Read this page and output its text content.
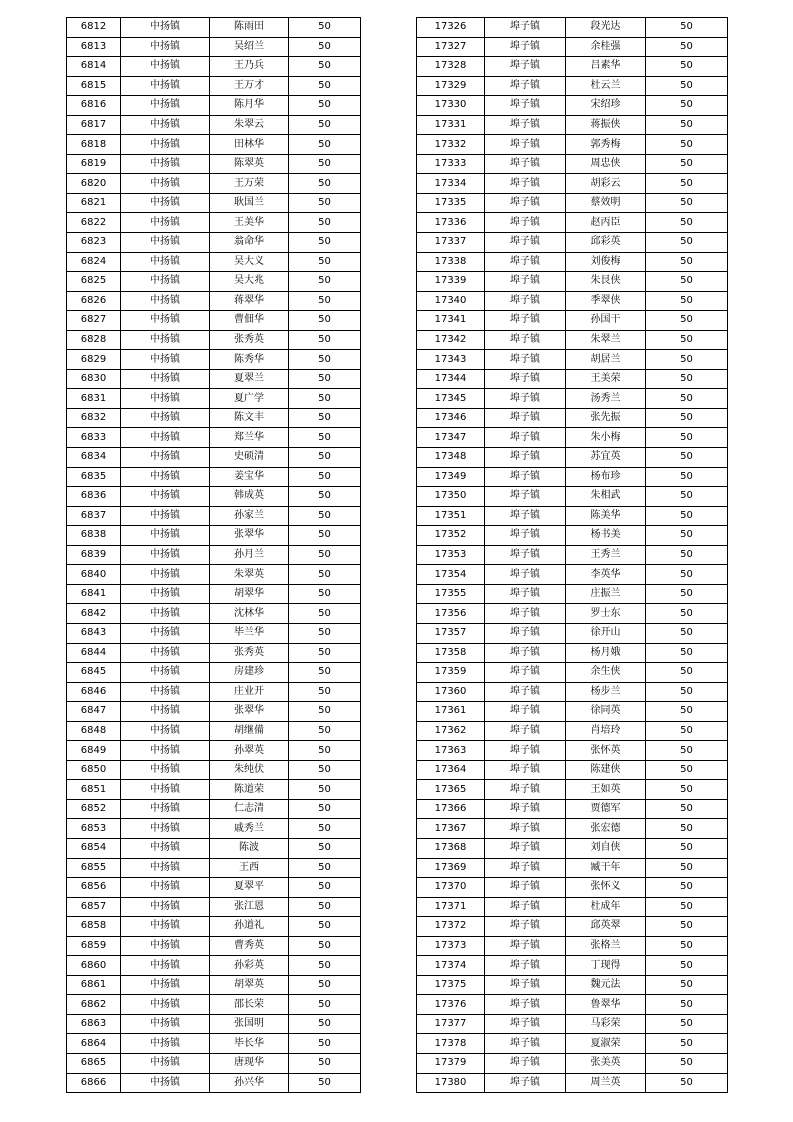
6812	中扬镇	陈雨田	50
6813	中扬镇	吴绍兰	50
6814	中扬镇	王乃兵	50
6815	中扬镇	王万才	50
6816	中扬镇	陈月华	50
6817	中扬镇	朱翠云	50
6818	中扬镇	田林华	50
6819	中扬镇	陈翠英	50
6820	中扬镇	王万荣	50
6821	中扬镇	耿国兰	50
6822	中扬镇	王美华	50
6823	中扬镇	翁命华	50
6824	中扬镇	吴大义	50
6825	中扬镇	吴大兆	50
6826	中扬镇	蒋翠华	50
6827	中扬镇	曹佃华	50
6828	中扬镇	张秀英	50
6829	中扬镇	陈秀华	50
6830	中扬镇	夏翠兰	50
6831	中扬镇	夏广学	50
6832	中扬镇	陈文丰	50
6833	中扬镇	郑兰华	50
6834	中扬镇	史硕清	50
6835	中扬镇	姜宝华	50
6836	中扬镇	韩成英	50
6837	中扬镇	孙家兰	50
6838	中扬镇	张翠华	50
6839	中扬镇	孙月兰	50
6840	中扬镇	朱翠英	50
6841	中扬镇	胡翠华	50
6842	中扬镇	沈林华	50
6843	中扬镇	毕兰华	50
6844	中扬镇	张秀英	50
6845	中扬镇	房建珍	50
6846	中扬镇	庄业开	50
6847	中扬镇	张翠华	50
6848	中扬镇	胡继備	50
6849	中扬镇	孙翠英	50
6850	中扬镇	朱纯伏	50
6851	中扬镇	陈道荣	50
6852	中扬镇	仁志清	50
6853	中扬镇	戚秀兰	50
6854	中扬镇	陈波	50
6855	中扬镇	王西	50
6856	中扬镇	夏翠平	50
6857	中扬镇	张江恩	50
6858	中扬镇	孙道礼	50
6859	中扬镇	曹秀英	50
6860	中扬镇	孙彩英	50
6861	中扬镇	胡翠英	50
6862	中扬镇	邵长荣	50
6863	中扬镇	张国明	50
6864	中扬镇	毕长华	50
6865	中扬镇	唐现华	50
6866	中扬镇	孙兴华	50
17326	埠子镇	段光达	50
17327	埠子镇	余桂强	50
17328	埠子镇	吕素华	50
17329	埠子镇	杜云兰	50
17330	埠子镇	宋绍珍	50
17331	埠子镇	蒋振侠	50
17332	埠子镇	郭秀梅	50
17333	埠子镇	周忠侠	50
17334	埠子镇	胡彩云	50
17335	埠子镇	蔡效明	50
17336	埠子镇	赵丙臣	50
17337	埠子镇	邱彩英	50
17338	埠子镇	刘俊梅	50
17339	埠子镇	朱艮侠	50
17340	埠子镇	季翠侠	50
17341	埠子镇	孙国干	50
17342	埠子镇	朱翠兰	50
17343	埠子镇	胡居兰	50
17344	埠子镇	王美荣	50
17345	埠子镇	汤秀兰	50
17346	埠子镇	张先振	50
17347	埠子镇	朱小梅	50
17348	埠子镇	苏宜英	50
17349	埠子镇	杨布珍	50
17350	埠子镇	朱相武	50
17351	埠子镇	陈美华	50
17352	埠子镇	杨书美	50
17353	埠子镇	王秀兰	50
17354	埠子镇	李英华	50
17355	埠子镇	庄振兰	50
17356	埠子镇	罗士东	50
17357	埠子镇	徐开山	50
17358	埠子镇	杨月娥	50
17359	埠子镇	余生侠	50
17360	埠子镇	杨步兰	50
17361	埠子镇	徐同英	50
17362	埠子镇	肖培玲	50
17363	埠子镇	张怀英	50
17364	埠子镇	陈建侠	50
17365	埠子镇	王如英	50
17366	埠子镇	贾德军	50
17367	埠子镇	张宏德	50
17368	埠子镇	刘自侠	50
17369	埠子镇	臧干年	50
17370	埠子镇	张怀义	50
17371	埠子镇	杜成年	50
17372	埠子镇	邱英翠	50
17373	埠子镇	张格兰	50
17374	埠子镇	丁现得	50
17375	埠子镇	魏元法	50
17376	埠子镇	鲁翠华	50
17377	埠子镇	马彩荣	50
17378	埠子镇	夏淑荣	50
17379	埠子镇	张美英	50
17380	埠子镇	周兰英	50
